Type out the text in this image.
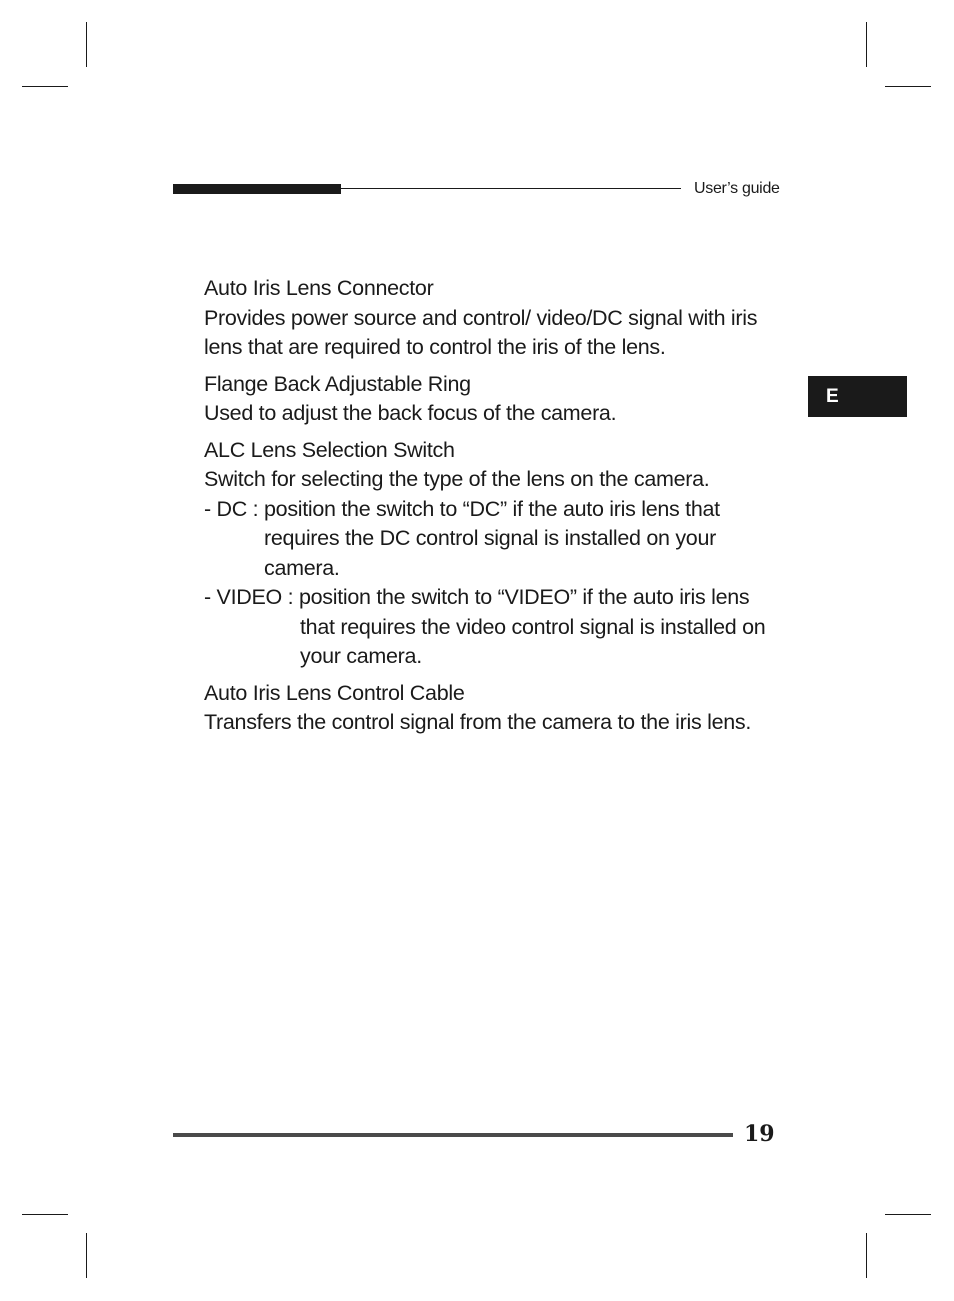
User’s guide
E

Auto Iris Lens Connector

Provides power source and control/ video/DC signal with iris lens that are required to control the iris of the lens.

Flange Back Adjustable Ring

Used to adjust the back focus of the camera.

ALC Lens Selection Switch

Switch for selecting the type of the lens on the camera.

- DC : position the switch to “DC” if the auto iris lens that

requires the DC control signal is installed on your camera.

- VIDEO : position the switch to “VIDEO” if the auto iris lens

that requires the video control signal is installed on your camera.

Auto Iris Lens Control Cable

Transfers the control signal from the camera to the iris lens.

19
